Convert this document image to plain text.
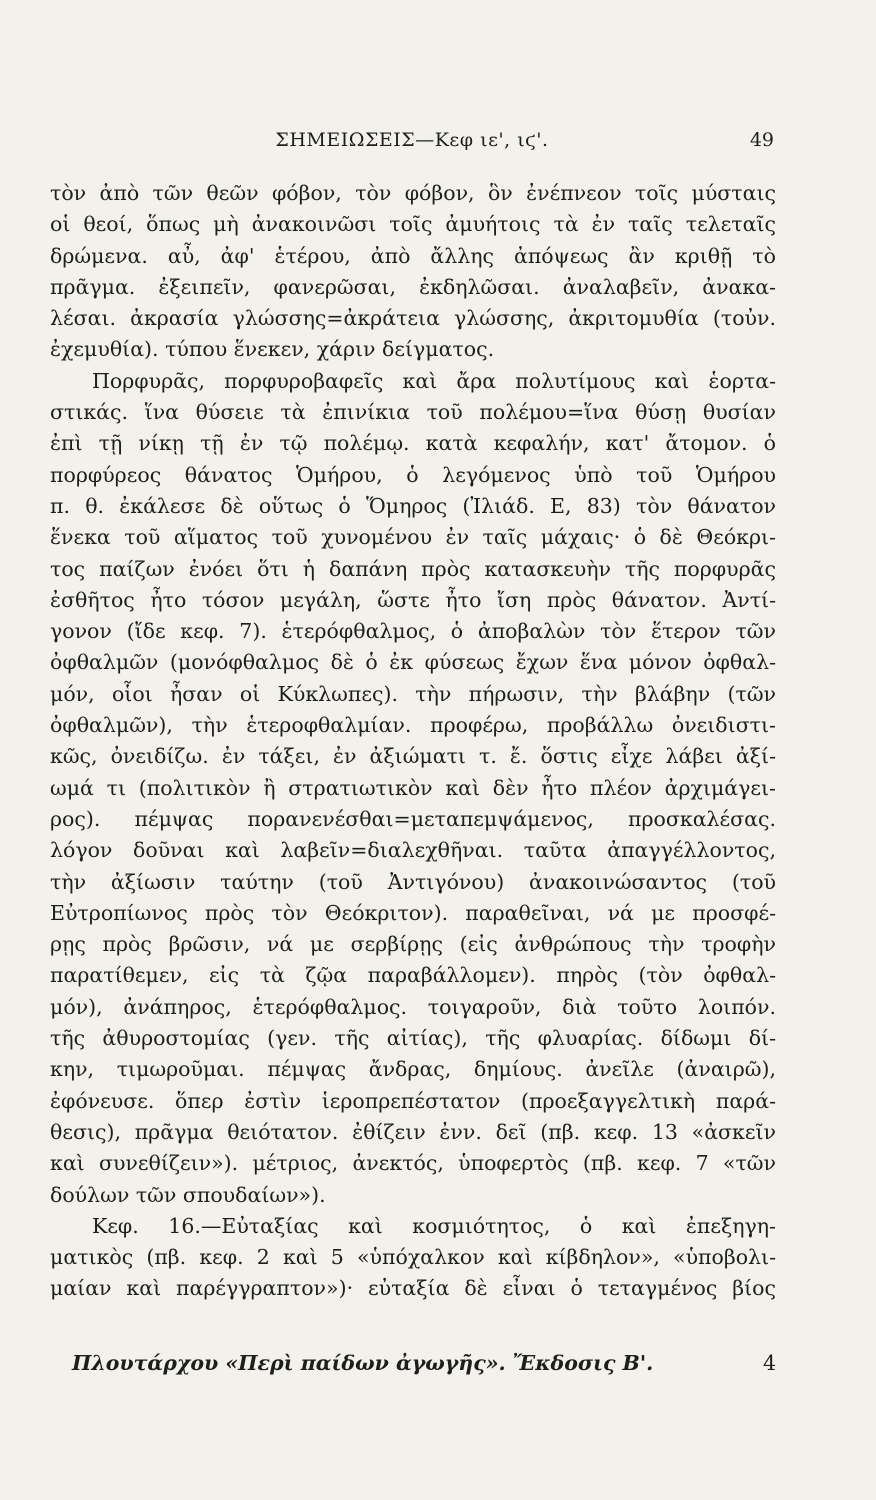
ΣΗΜΕΙΩΣΕΙΣ—Κεφ ιε', ιϛ'.	49
τὸν ἀπὸ τῶν θεῶν φόβον, τὸν φόβον, ὃν ἐνέπνεον τοῖς μύσταις
οἱ θεοί, ὅπως μὴ ἀνακοινῶσι τοῖς ἀμυήτοις τὰ ἐν ταῖς τελεταῖς
δρώμενα. αὖ, ἀφ' ἑτέρου, ἀπὸ ἄλλης ἀπόψεως ἂν κριθῇ τὸ
πρᾶγμα. ἐξειπεῖν, φανερῶσαι, ἐκδηλῶσαι. ἀναλαβεῖν, ἀνακα-
λέσαι. ἀκρασία γλώσσης=ἀκράτεια γλώσσης, ἀκριτομυθία (τοὐν.
ἐχεμυθία). τύπου ἕνεκεν, χάριν δείγματος.
Πορφυρᾶς, πορφυροβαφεῖς καὶ ἄρα πολυτίμους καὶ ἑορτα-
στικάς. ἵνα θύσειε τὰ ἐπινίκια τοῦ πολέμου=ἵνα θύσῃ θυσίαν
ἐπὶ τῇ νίκῃ τῇ ἐν τῷ πολέμῳ. κατὰ κεφαλήν, κατ' ἄτομον. ὁ
πορφύρεος θάνατος Ὁμήρου, ὁ λεγόμενος ὑπὸ τοῦ Ὁμήρου
π. θ. ἐκάλεσε δὲ οὕτως ὁ Ὅμηρος (Ἰλιάδ. Ε, 83) τὸν θάνατον
ἕνεκα τοῦ αἵματος τοῦ χυνομένου ἐν ταῖς μάχαις· ὁ δὲ Θεόκρι-
τος παίζων ἐνόει ὅτι ἡ δαπάνη πρὸς κατασκευὴν τῆς πορφυρᾶς
ἐσθῆτος ἦτο τόσον μεγάλη, ὥστε ἦτο ἴση πρὸς θάνατον. Ἀντί-
γονον (ἴδε κεφ. 7). ἑτερόφθαλμος, ὁ ἀποβαλὼν τὸν ἕτερον τῶν
ὀφθαλμῶν (μονόφθαλμος δὲ ὁ ἐκ φύσεως ἔχων ἕνα μόνον ὀφθαλ-
μόν, οἷοι ἦσαν οἱ Κύκλωπες). τὴν πήρωσιν, τὴν βλάβην (τῶν
ὀφθαλμῶν), τὴν ἑτεροφθαλμίαν. προφέρω, προβάλλω ὀνειδιστι-
κῶς, ὀνειδίζω. ἐν τάξει, ἐν ἀξιώματι τ. ἔ. ὅστις εἶχε λάβει ἀξί-
ωμά τι (πολιτικὸν ἢ στρατιωτικὸν καὶ δὲν ἦτο πλέον ἀρχιμάγει-
ρος). πέμψας πορανενέσθαι=μεταπεμψάμενος, προσκαλέσας.
λόγον δοῦναι καὶ λαβεῖν=διαλεχθῆναι. ταῦτα ἀπαγγέλλοντος,
τὴν ἀξίωσιν ταύτην (τοῦ Ἀντιγόνου) ἀνακοινώσαντος (τοῦ
Εὐτροπίωνος πρὸς τὸν Θεόκριτον). παραθεῖναι, νά με προσφέ-
ρῃς πρὸς βρῶσιν, νά με σερβίρῃς (εἰς ἀνθρώπους τὴν τροφὴν
παρατίθεμεν, εἰς τὰ ζῷα παραβάλλομεν). πηρὸς (τὸν ὀφθαλ-
μόν), ἀνάπηρος, ἑτερόφθαλμος. τοιγαροῦν, διὰ τοῦτο λοιπόν.
τῆς ἀθυροστομίας (γεν. τῆς αἰτίας), τῆς φλυαρίας. δίδωμι δί-
κην, τιμωροῦμαι. πέμψας ἄνδρας, δημίους. ἀνεῖλε (ἀναιρῶ),
ἐφόνευσε. ὅπερ ἐστὶν ἱεροπρεπέστατον (προεξαγγελτικὴ παρά-
θεσις), πρᾶγμα θειότατον. ἐθίζειν ἐνν. δεῖ (πβ. κεφ. 13 «ἀσκεῖν
καὶ συνεθίζειν»). μέτριος, ἀνεκτός, ὑποφερτὸς (πβ. κεφ. 7 «τῶν
δούλων τῶν σπουδαίων»).
Κεφ. 16.—Εὐταξίας καὶ κοσμιότητος, ὁ καὶ ἐπεξηγη-
ματικὸς (πβ. κεφ. 2 καὶ 5 «ὑπόχαλκον καὶ κίβδηλον», «ὑποβολι-
μαίαν καὶ παρέγγραπτον»)· εὐταξία δὲ εἶναι ὁ τεταγμένος βίος
Πλουτάρχου «Περὶ παίδων ἀγωγῆς». Ἔκδοσις Β'.	4
